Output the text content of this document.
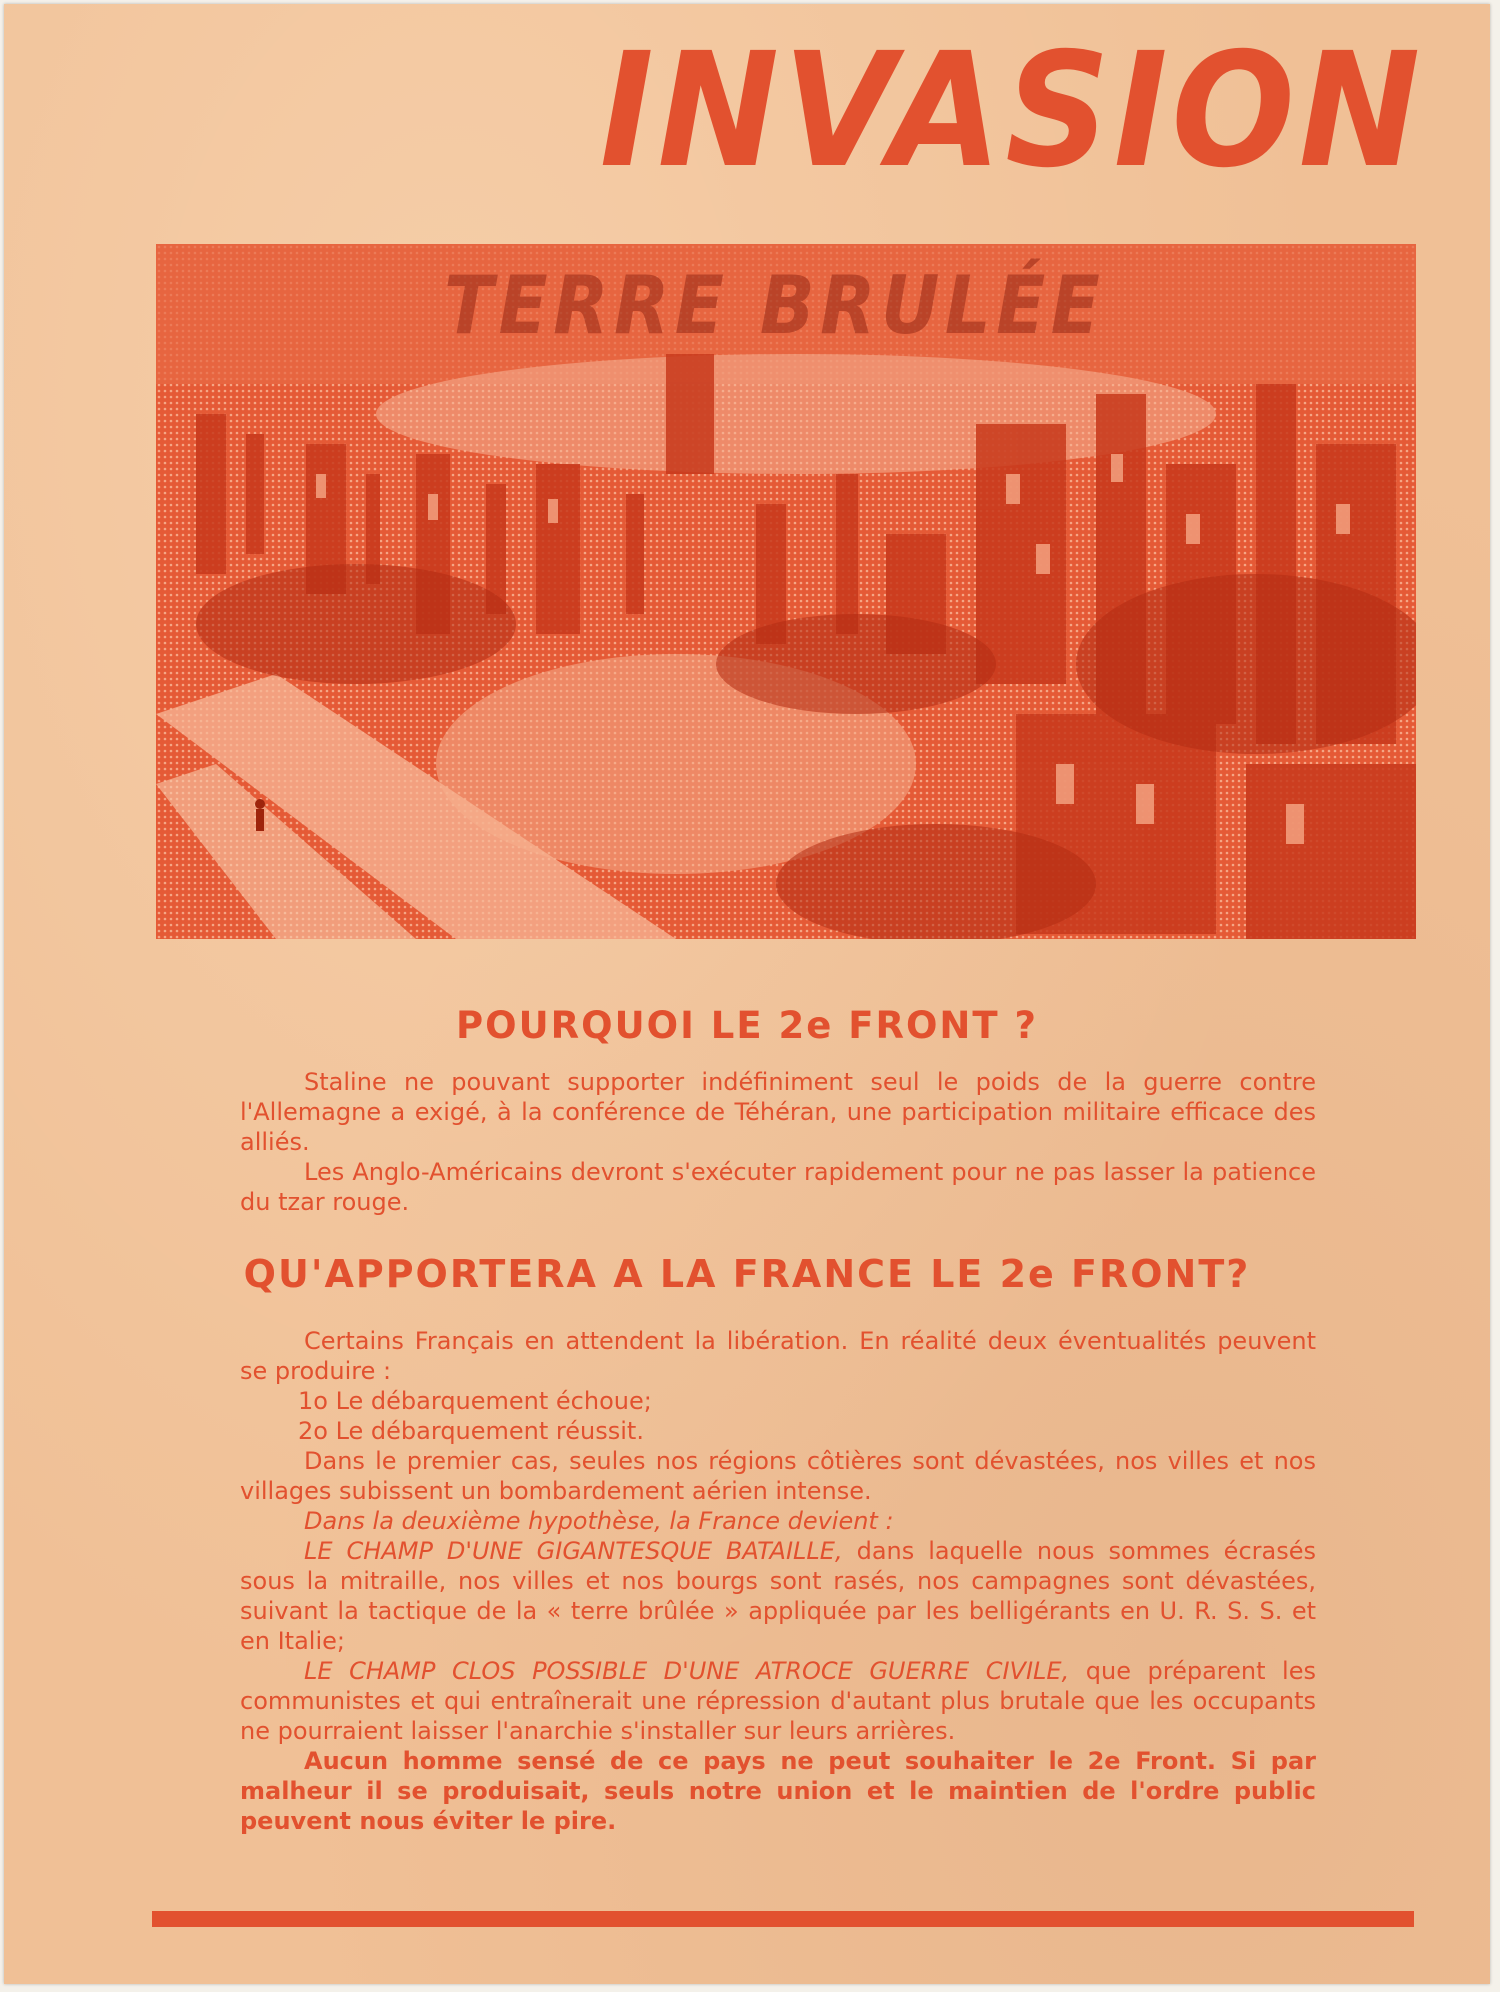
INVASION
TERRE BRULÉE
POURQUOI LE 2e FRONT ?
Staline ne pouvant supporter indéfiniment seul le poids de la guerre contre l'Allemagne a exigé, à la conférence de Téhéran, une participation militaire efficace des alliés.
Les Anglo-Américains devront s'exécuter rapidement pour ne pas lasser la patience du tzar rouge.
QU'APPORTERA A LA FRANCE LE 2e FRONT?
Certains Français en attendent la libération. En réalité deux éventualités peuvent se produire :
1o Le débarquement échoue;
2o Le débarquement réussit.
Dans le premier cas, seules nos régions côtières sont dévastées, nos villes et nos villages subissent un bombardement aérien intense.
Dans la deuxième hypothèse, la France devient :
LE CHAMP D'UNE GIGANTESQUE BATAILLE, dans laquelle nous sommes écrasés sous la mitraille, nos villes et nos bourgs sont rasés, nos campagnes sont dévastées, suivant la tactique de la « terre brûlée » appliquée par les belligérants en U. R. S. S. et en Italie;
LE CHAMP CLOS POSSIBLE D'UNE ATROCE GUERRE CIVILE, que préparent les communistes et qui entraînerait une répression d'autant plus brutale que les occupants ne pourraient laisser l'anarchie s'installer sur leurs arrières.
Aucun homme sensé de ce pays ne peut souhaiter le 2e Front. Si par malheur il se produisait, seuls notre union et le maintien de l'ordre public peuvent nous éviter le pire.
